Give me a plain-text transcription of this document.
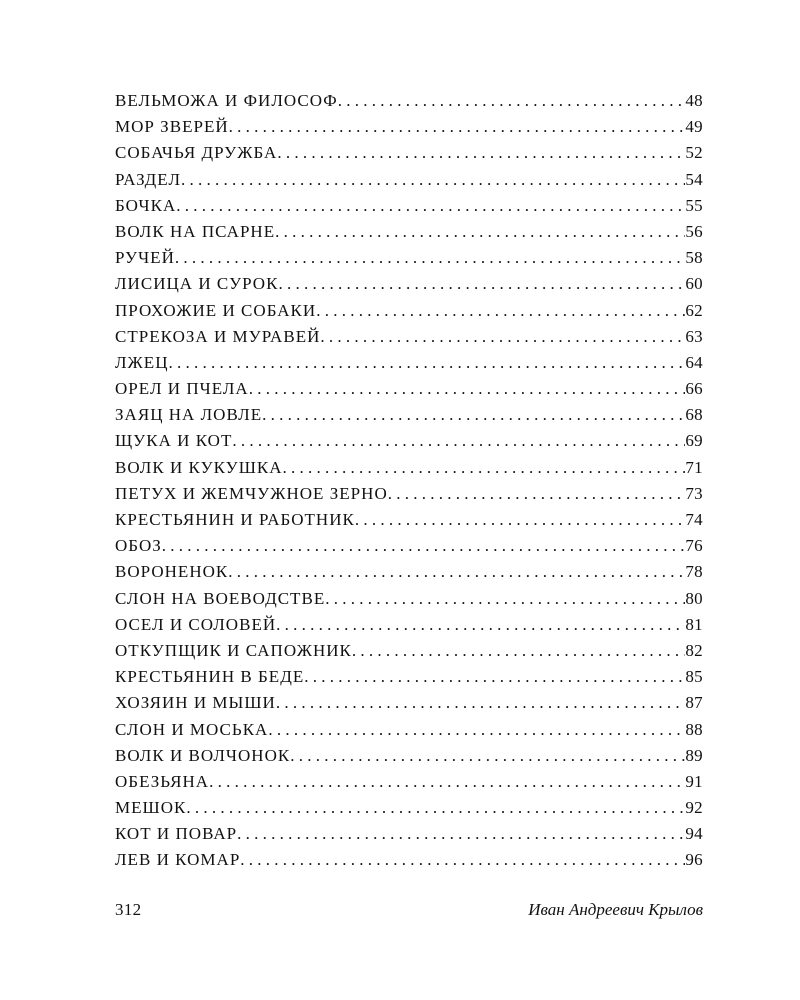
ВЕЛЬМОЖА И ФИЛОСОФ . . .	48
МОР ЗВЕРЕЙ . . .	49
СОБАЧЬЯ ДРУЖБА . . .	52
РАЗДЕЛ . . .	54
БОЧКА . . .	55
ВОЛК НА ПСАРНЕ . . .	56
РУЧЕЙ . . .	58
ЛИСИЦА И СУРОК . . .	60
ПРОХОЖИЕ И СОБАКИ . . .	62
СТРЕКОЗА И МУРАВЕЙ . . .	63
ЛЖЕЦ . . .	64
ОРЕЛ И ПЧЕЛА . . .	66
ЗАЯЦ НА ЛОВЛЕ . . .	68
ЩУКА И КОТ . . .	69
ВОЛК И КУКУШКА . . .	71
ПЕТУХ И ЖЕМЧУЖНОЕ ЗЕРНО . . .	73
КРЕСТЬЯНИН И РАБОТНИК . . .	74
ОБОЗ . . .	76
ВОРОНЕНОК . . .	78
СЛОН НА ВОЕВОДСТВЕ . . .	80
ОСЕЛ И СОЛОВЕЙ . . .	81
ОТКУПЩИК И САПОЖНИК . . .	82
КРЕСТЬЯНИН В БЕДЕ . . .	85
ХОЗЯИН И МЫШИ . . .	87
СЛОН И МОСЬКА . . .	88
ВОЛК И ВОЛЧОНОК . . .	89
ОБЕЗЬЯНА . . .	91
МЕШОК . . .	92
КОТ И ПОВАР . . .	94
ЛЕВ И КОМАР . . .	96
312	Иван Андреевич Крылов
